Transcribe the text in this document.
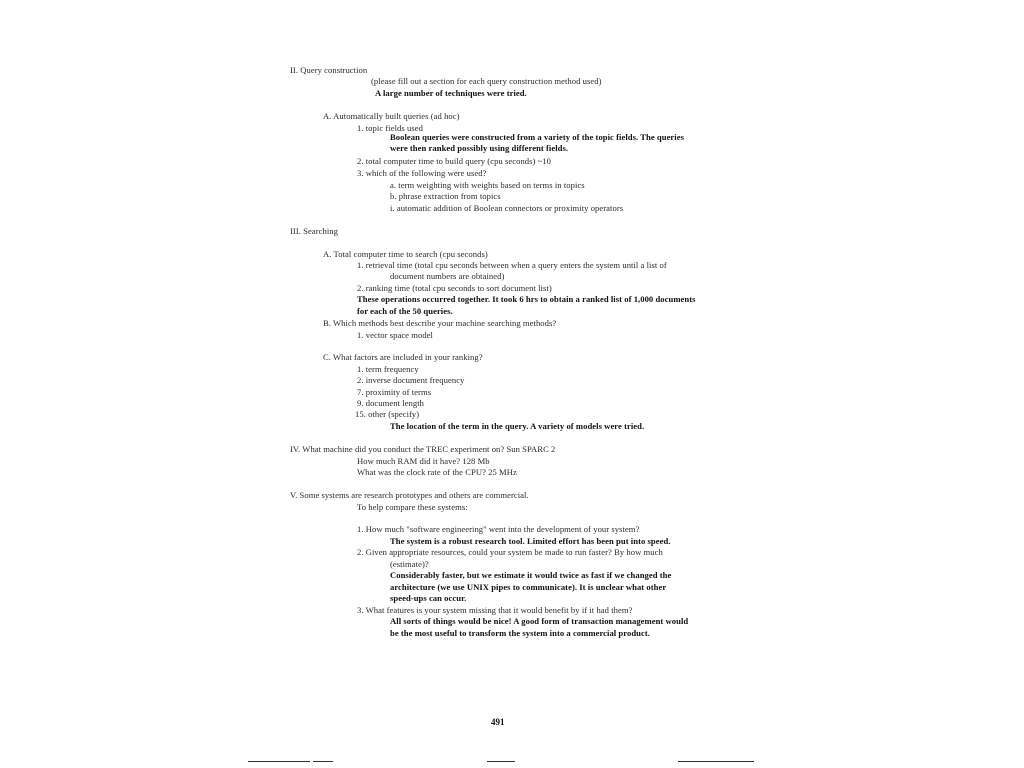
II. Query construction

(please fill out a section for each query construction method used)

A large number of techniques were tried.

A. Automatically built queries (ad hoc)

1. topic fields used

Boolean queries were constructed from a variety of the topic fields. The queries

were then ranked possibly using different fields.

2. total computer time to build query (cpu seconds) ~10

3. which of the following were used?

a. term weighting with weights based on terms in topics

b. phrase extraction from topics

i. automatic addition of Boolean connectors or proximity operators

III. Searching

A. Total computer time to search (cpu seconds)

1. retrieval time (total cpu seconds between when a query enters the system until a list of

document numbers are obtained)

2. ranking time (total cpu seconds to sort document list)

These operations occurred together. It took 6 hrs to obtain a ranked list of 1,000 documents

for each of the 50 queries.

B. Which methods best describe your machine searching methods?

1. vector space model

C. What factors are included in your ranking?

1. term frequency

2. inverse document frequency

7. proximity of terms

9. document length

15. other (specify)

The location of the term in the query. A variety of models were tried.

IV. What machine did you conduct the TREC experiment on? Sun SPARC 2

How much RAM did it have? 128 Mb

What was the clock rate of the CPU? 25 MHz

V. Some systems are research prototypes and others are commercial.

To help compare these systems:

1. How much "software engineering" went into the development of your system?

The system is a robust research tool. Limited effort has been put into speed.

2. Given appropriate resources, could your system be made to run faster? By how much

(estimate)?

Considerably faster, but we estimate it would twice as fast if we changed the

architecture (we use UNIX pipes to communicate). It is unclear what other

speed-ups can occur.

3. What features is your system missing that it would benefit by if it had them?

All sorts of things would be nice! A good form of transaction management would

be the most useful to transform the system into a commercial product.

491
